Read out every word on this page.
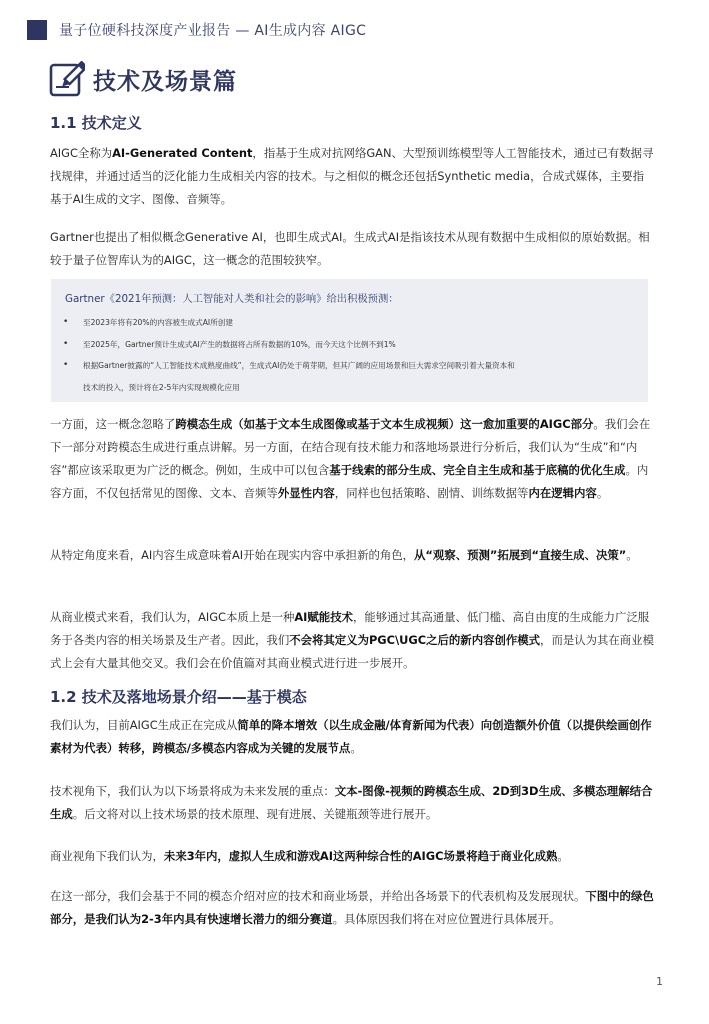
量子位硬科技深度产业报告 — AI生成内容 AIGC
技术及场景篇
1.1 技术定义

AIGC全称为AI-Generated Content，指基于生成对抗网络GAN、大型预训练模型等人工智能技术，通过已有数据寻找规律，并通过适当的泛化能力生成相关内容的技术。与之相似的概念还包括Synthetic media，合成式媒体，主要指基于AI生成的文字、图像、音频等。

Gartner也提出了相似概念Generative AI，也即生成式AI。生成式AI是指该技术从现有数据中生成相似的原始数据。相较于量子位智库认为的AIGC，这一概念的范围较狭窄。

Gartner《2021年预测：人工智能对人类和社会的影响》给出积极预测：
• 至2023年将有20%的内容被生成式AI所创建
• 至2025年，Gartner预计生成式AI产生的数据将占所有数据的10%，而今天这个比例不到1%
• 根据Gartner披露的“人工智能技术成熟度曲线”，生成式AI仍处于萌芽期，但其广阔的应用场景和巨大需求空间吸引着大量资本和
技术的投入，预计将在2-5年内实现规模化应用

一方面，这一概念忽略了跨模态生成（如基于文本生成图像或基于文本生成视频）这一愈加重要的AIGC部分。我们会在下一部分对跨模态生成进行重点讲解。另一方面，在结合现有技术能力和落地场景进行分析后，我们认为“生成”和“内容”都应该采取更为广泛的概念。例如，生成中可以包含基于线索的部分生成、完全自主生成和基于底稿的优化生成。内容方面，不仅包括常见的图像、文本、音频等外显性内容，同样也包括策略、剧情、训练数据等内在逻辑内容。

从特定角度来看，AI内容生成意味着AI开始在现实内容中承担新的角色，从“观察、预测”拓展到“直接生成、决策”。

从商业模式来看，我们认为，AIGC本质上是一种AI赋能技术，能够通过其高通量、低门槛、高自由度的生成能力广泛服务于各类内容的相关场景及生产者。因此，我们不会将其定义为PGC\UGC之后的新内容创作模式，而是认为其在商业模式上会有大量其他交叉。我们会在价值篇对其商业模式进行进一步展开。

1.2 技术及落地场景介绍——基于模态

我们认为，目前AIGC生成正在完成从简单的降本增效（以生成金融/体育新闻为代表）向创造额外价值（以提供绘画创作素材为代表）转移，跨模态/多模态内容成为关键的发展节点。

技术视角下，我们认为以下场景将成为未来发展的重点：文本-图像-视频的跨模态生成、2D到3D生成、多模态理解结合生成。后文将对以上技术场景的技术原理、现有进展、关键瓶颈等进行展开。

商业视角下我们认为，未来3年内，虚拟人生成和游戏AI这两种综合性的AIGC场景将趋于商业化成熟。

在这一部分，我们会基于不同的模态介绍对应的技术和商业场景，并给出各场景下的代表机构及发展现状。下图中的绿色部分，是我们认为2-3年内具有快速增长潜力的细分赛道。具体原因我们将在对应位置进行具体展开。

1
